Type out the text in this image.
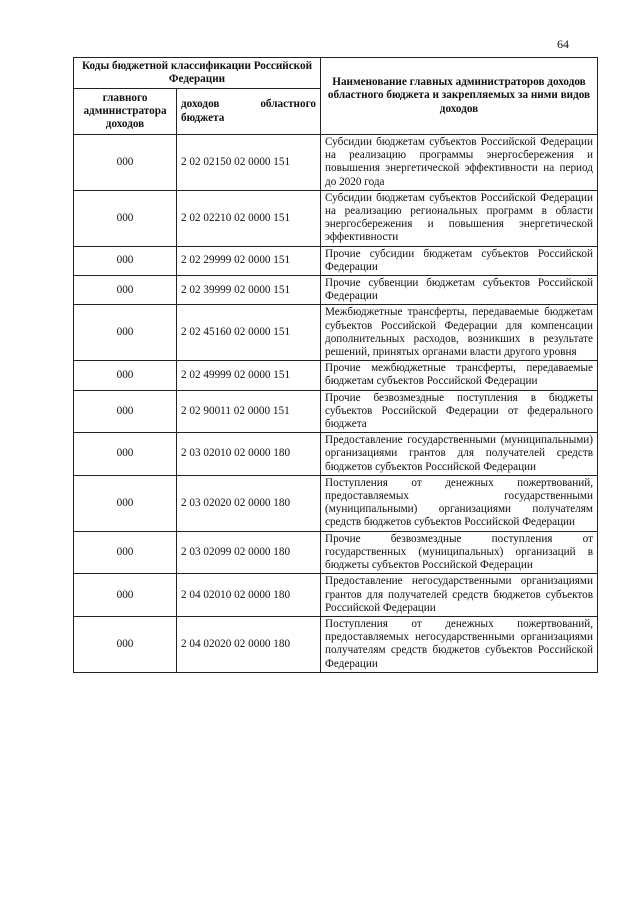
64
Коды бюджетной классификации Российской Федерации		Наименование главных администраторов доходов областного бюджета и закрепляемых за ними видов доходов
главного администратора доходов	доходов областного бюджета	
000	2 02 02150 02 0000 151	Субсидии бюджетам субъектов Российской Федерации на реализацию программы энергосбережения и повышения энергетической эффективности на период до 2020 года
000	2 02 02210 02 0000 151	Субсидии бюджетам субъектов Российской Федерации на реализацию региональных программ в области энергосбережения и повышения энергетической эффективности
000	2 02 29999 02 0000 151	Прочие субсидии бюджетам субъектов Российской Федерации
000	2 02 39999 02 0000 151	Прочие субвенции бюджетам субъектов Российской Федерации
000	2 02 45160 02 0000 151	Межбюджетные трансферты, передаваемые бюджетам субъектов Российской Федерации для компенсации дополнительных расходов, возникших в результате решений, принятых органами власти другого уровня
000	2 02 49999 02 0000 151	Прочие межбюджетные трансферты, передаваемые бюджетам субъектов Российской Федерации
000	2 02 90011 02 0000 151	Прочие безвозмездные поступления в бюджеты субъектов Российской Федерации от федерального бюджета
000	2 03 02010 02 0000 180	Предоставление государственными (муниципальными) организациями грантов для получателей средств бюджетов субъектов Российской Федерации
000	2 03 02020 02 0000 180	Поступления от денежных пожертвований, предоставляемых государственными (муниципальными) организациями получателям средств бюджетов субъектов Российской Федерации
000	2 03 02099 02 0000 180	Прочие безвозмездные поступления от государственных (муниципальных) организаций в бюджеты субъектов Российской Федерации
000	2 04 02010 02 0000 180	Предоставление негосударственными организациями грантов для получателей средств бюджетов субъектов Российской Федерации
000	2 04 02020 02 0000 180	Поступления от денежных пожертвований, предоставляемых негосударственными организациями получателям средств бюджетов субъектов Российской Федерации
